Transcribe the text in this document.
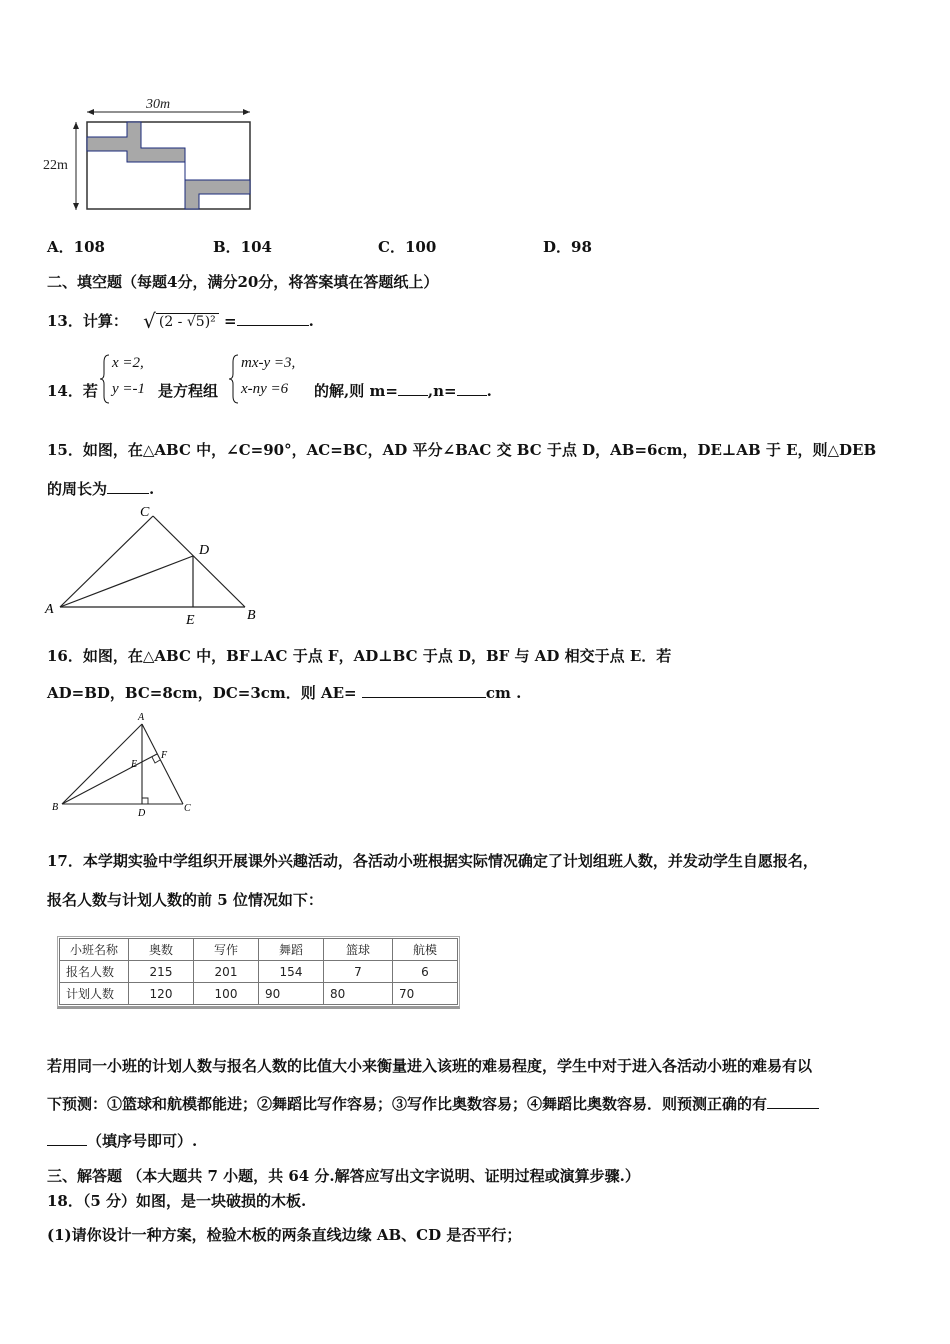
30m
22m
A．108	B．104	C．100	D．98
二、填空题（每题4分，满分20分，将答案填在答题纸上）
13．计算： √ (2 - √5)² =	.
14．若
x =2,
y =-1 是方程组
mx-y =3,
x-ny =6 的解,则 m= ,n= .
15．如图，在△ABC 中，∠C=90°，AC=BC，AD 平分∠BAC 交 BC 于点 D，AB=6cm，DE⊥AB 于 E，则△DEB
的周长为	.
C
D
A
E	B
16．如图，在△ABC 中，BF⊥AC 于点 F，AD⊥BC 于点 D，BF 与 AD 相交于点 E．若
AD=BD，BC=8cm，DC=3cm．则 AE=	cm .
A
F
E
B
D	C
17．本学期实验中学组织开展课外兴趣活动，各活动小班根据实际情况确定了计划组班人数，并发动学生自愿报名，
报名人数与计划人数的前 5 位情况如下：
小班名称	奥数	写作	舞蹈	篮球	航模
报名人数	215	201	154	7	6
计划人数	120	100	90	80	70
若用同一小班的计划人数与报名人数的比值大小来衡量进入该班的难易程度，学生中对于进入各活动小班的难易有以
下预测：①篮球和航模都能进；②舞蹈比写作容易；③写作比奥数容易；④舞蹈比奥数容易．则预测正确的有
（填序号即可）.
三、解答题 （本大题共 7 小题，共 64 分.解答应写出文字说明、证明过程或演算步骤.）
18．（5 分）如图，是一块破损的木板.
(1)请你设计一种方案，检验木板的两条直线边缘 AB、CD 是否平行；
